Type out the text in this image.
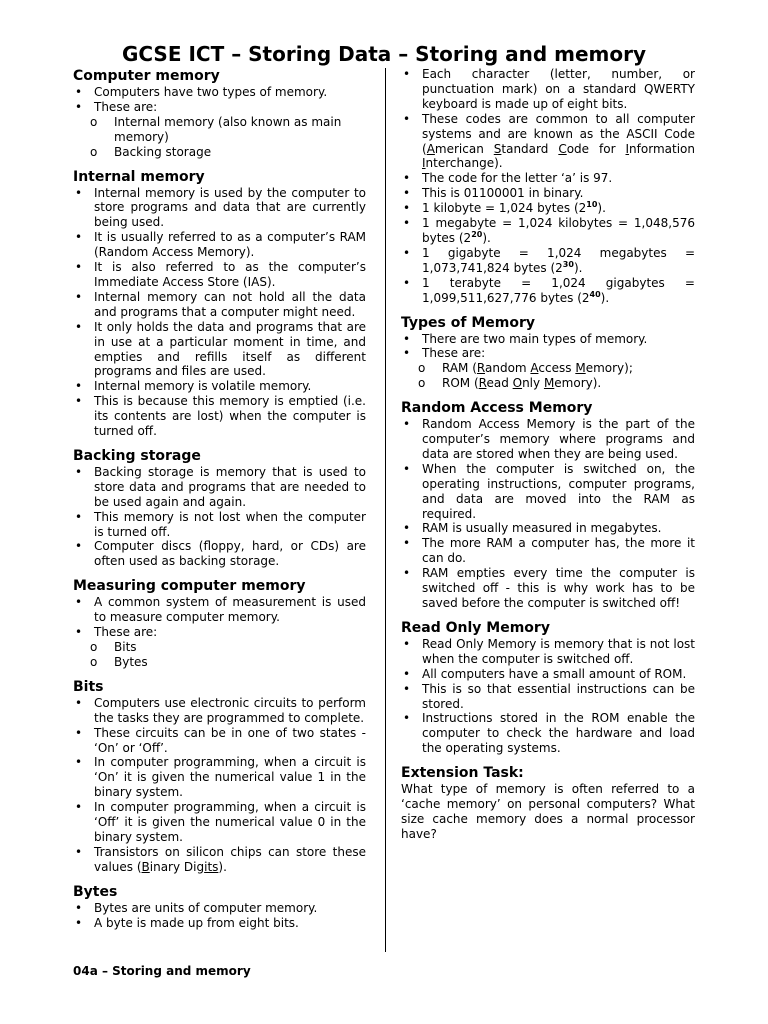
GCSE ICT – Storing Data – Storing and memory
Computer memory
• Computers have two types of memory.
• These are:
o Internal memory (also known as main memory)
o Backing storage
Internal memory
• Internal memory is used by the computer to store programs and data that are currently being used.
• It is usually referred to as a computer’s RAM (Random Access Memory).
• It is also referred to as the computer’s Immediate Access Store (IAS).
• Internal memory can not hold all the data and programs that a computer might need.
• It only holds the data and programs that are in use at a particular moment in time, and empties and refills itself as different programs and files are used.
• Internal memory is volatile memory.
• This is because this memory is emptied (i.e. its contents are lost) when the computer is turned off.
Backing storage
• Backing storage is memory that is used to store data and programs that are needed to be used again and again.
• This memory is not lost when the computer is turned off.
• Computer discs (floppy, hard, or CDs) are often used as backing storage.
Measuring computer memory
• A common system of measurement is used to measure computer memory.
• These are:
o Bits
o Bytes
Bits
• Computers use electronic circuits to perform the tasks they are programmed to complete.
• These circuits can be in one of two states - ‘On’ or ‘Off’.
• In computer programming, when a circuit is ‘On’ it is given the numerical value 1 in the binary system.
• In computer programming, when a circuit is ‘Off’ it is given the numerical value 0 in the binary system.
• Transistors on silicon chips can store these values (Binary Digits).
Bytes
• Bytes are units of computer memory.
• A byte is made up from eight bits.
• Each character (letter, number, or punctuation mark) on a standard QWERTY keyboard is made up of eight bits.
• These codes are common to all computer systems and are known as the ASCII Code (American Standard Code for Information Interchange).
• The code for the letter ‘a’ is 97.
• This is 01100001 in binary.
• 1 kilobyte = 1,024 bytes $(2^{10})$.
• 1 megabyte = 1,024 kilobytes = 1,048,576 bytes $(2^{20})$.
• 1 gigabyte = 1,024 megabytes = 1,073,741,824 bytes $(2^{30})$.
• 1 terabyte = 1,024 gigabytes = 1,099,511,627,776 bytes $(2^{40})$.
Types of Memory
• There are two main types of memory.
• These are:
o RAM (Random Access Memory);
o ROM (Read Only Memory).
Random Access Memory
• Random Access Memory is the part of the computer’s memory where programs and data are stored when they are being used.
• When the computer is switched on, the operating instructions, computer programs, and data are moved into the RAM as required.
• RAM is usually measured in megabytes.
• The more RAM a computer has, the more it can do.
• RAM empties every time the computer is switched off - this is why work has to be saved before the computer is switched off!
Read Only Memory
• Read Only Memory is memory that is not lost when the computer is switched off.
• All computers have a small amount of ROM.
• This is so that essential instructions can be stored.
• Instructions stored in the ROM enable the computer to check the hardware and load the operating systems.
Extension Task:

What type of memory is often referred to a ‘cache memory’ on personal computers? What size cache memory does a normal processor have?

04a – Storing and memory
